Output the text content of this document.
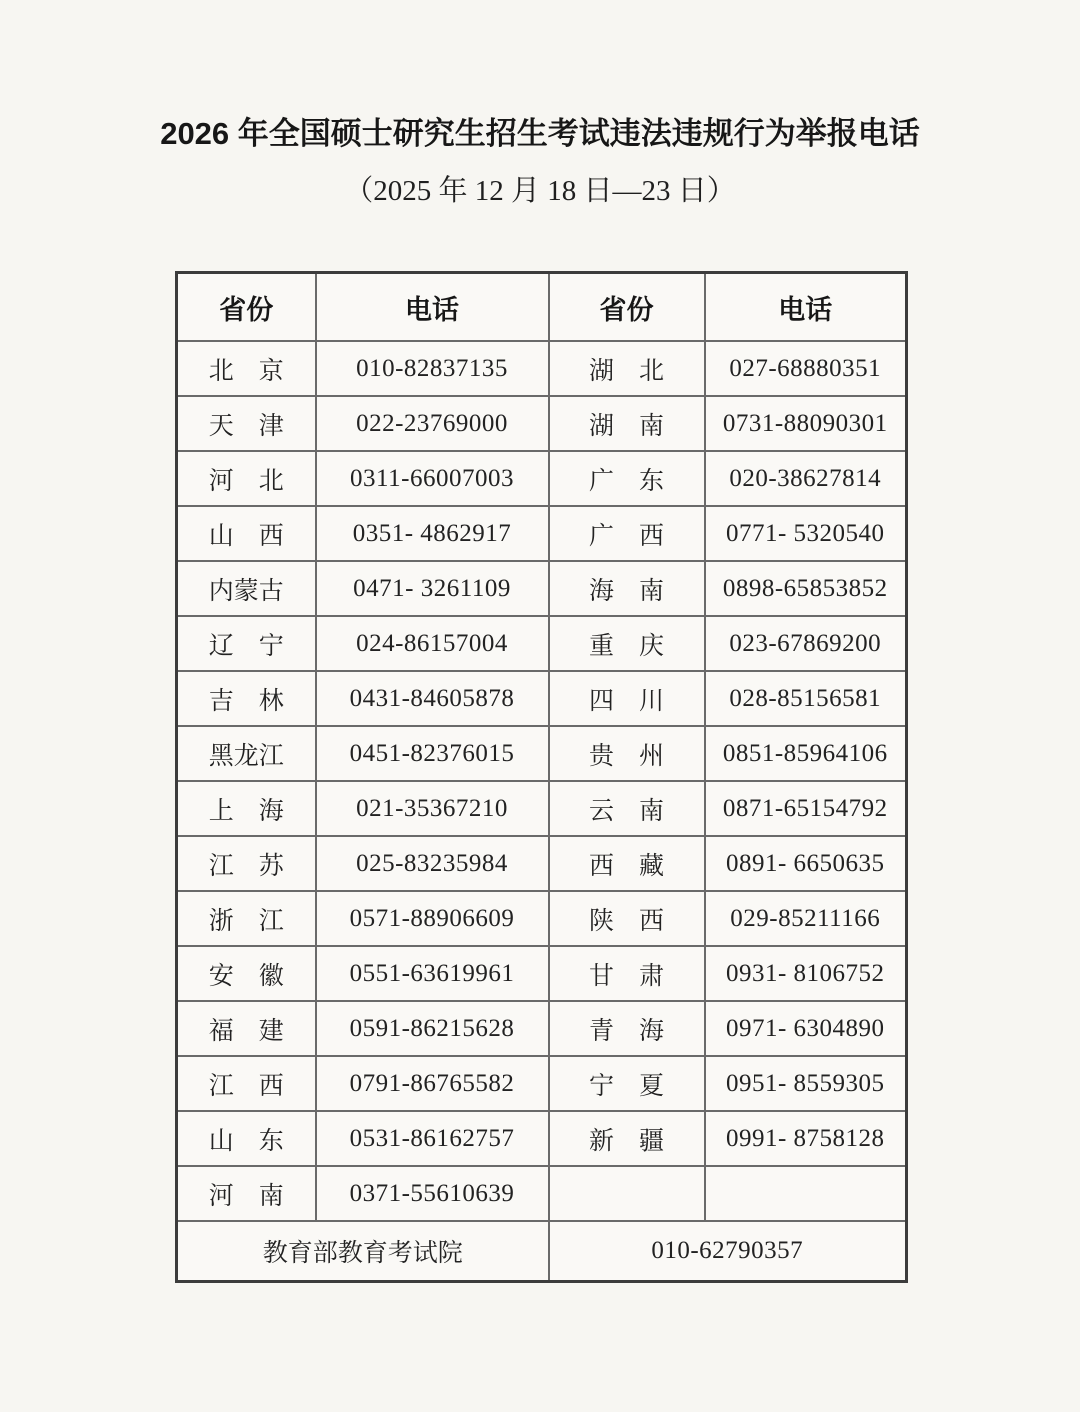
2026 年全国硕士研究生招生考试违法违规行为举报电话
（2025 年 12 月 18 日—23 日）
省份	电话	省份	电话
北　京	010-82837135	湖　北	027-68880351
天　津	022-23769000	湖　南	0731-88090301
河　北	0311-66007003	广　东	020-38627814
山　西	0351- 4862917	广　西	0771- 5320540
内蒙古	0471- 3261109	海　南	0898-65853852
辽　宁	024-86157004	重　庆	023-67869200
吉　林	0431-84605878	四　川	028-85156581
黑龙江	0451-82376015	贵　州	0851-85964106
上　海	021-35367210	云　南	0871-65154792
江　苏	025-83235984	西　藏	0891- 6650635
浙　江	0571-88906609	陕　西	029-85211166
安　徽	0551-63619961	甘　肃	0931- 8106752
福　建	0591-86215628	青　海	0971- 6304890
江　西	0791-86765582	宁　夏	0951- 8559305
山　东	0531-86162757	新　疆	0991- 8758128
河　南	0371-55610639		
教育部教育考试院		010-62790357	
